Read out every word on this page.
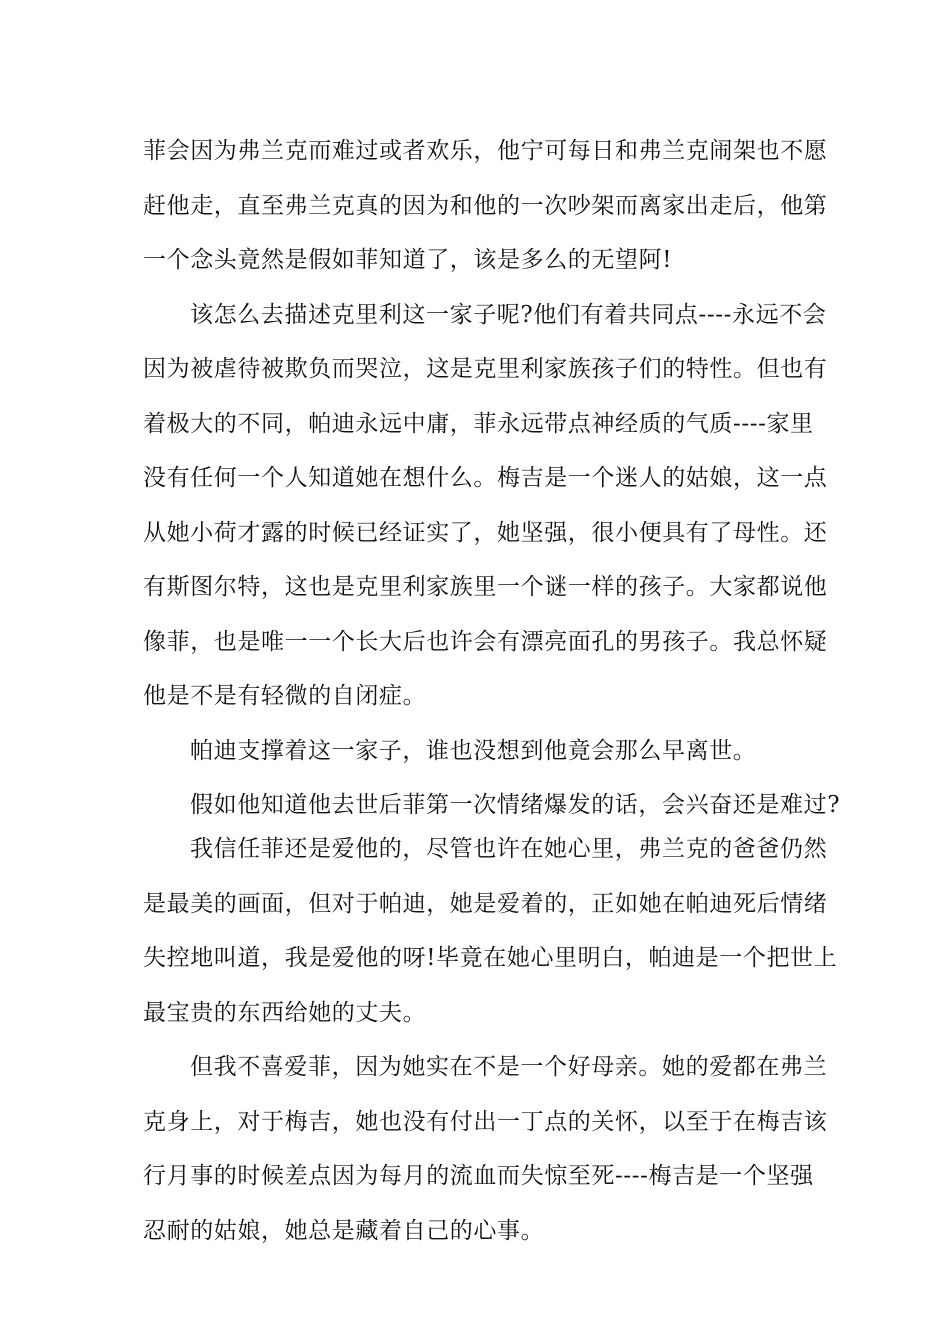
菲会因为弗兰克而难过或者欢乐，他宁可每日和弗兰克闹架也不愿
赶他走，直至弗兰克真的因为和他的一次吵架而离家出走后，他第
一个念头竟然是假如菲知道了，该是多么的无望阿!
该怎么去描述克里利这一家子呢?他们有着共同点----永远不会
因为被虐待被欺负而哭泣，这是克里利家族孩子们的特性。但也有
着极大的不同，帕迪永远中庸，菲永远带点神经质的气质----家里
没有任何一个人知道她在想什么。梅吉是一个迷人的姑娘，这一点
从她小荷才露的时候已经证实了，她坚强，很小便具有了母性。还
有斯图尔特，这也是克里利家族里一个谜一样的孩子。大家都说他
像菲，也是唯一一个长大后也许会有漂亮面孔的男孩子。我总怀疑
他是不是有轻微的自闭症。
帕迪支撑着这一家子，谁也没想到他竟会那么早离世。
假如他知道他去世后菲第一次情绪爆发的话，会兴奋还是难过?
我信任菲还是爱他的，尽管也许在她心里，弗兰克的爸爸仍然
是最美的画面，但对于帕迪，她是爱着的，正如她在帕迪死后情绪
失控地叫道，我是爱他的呀!毕竟在她心里明白，帕迪是一个把世上
最宝贵的东西给她的丈夫。
但我不喜爱菲，因为她实在不是一个好母亲。她的爱都在弗兰
克身上，对于梅吉，她也没有付出一丁点的关怀，以至于在梅吉该
行月事的时候差点因为每月的流血而失惊至死----梅吉是一个坚强
忍耐的姑娘，她总是藏着自己的心事。
